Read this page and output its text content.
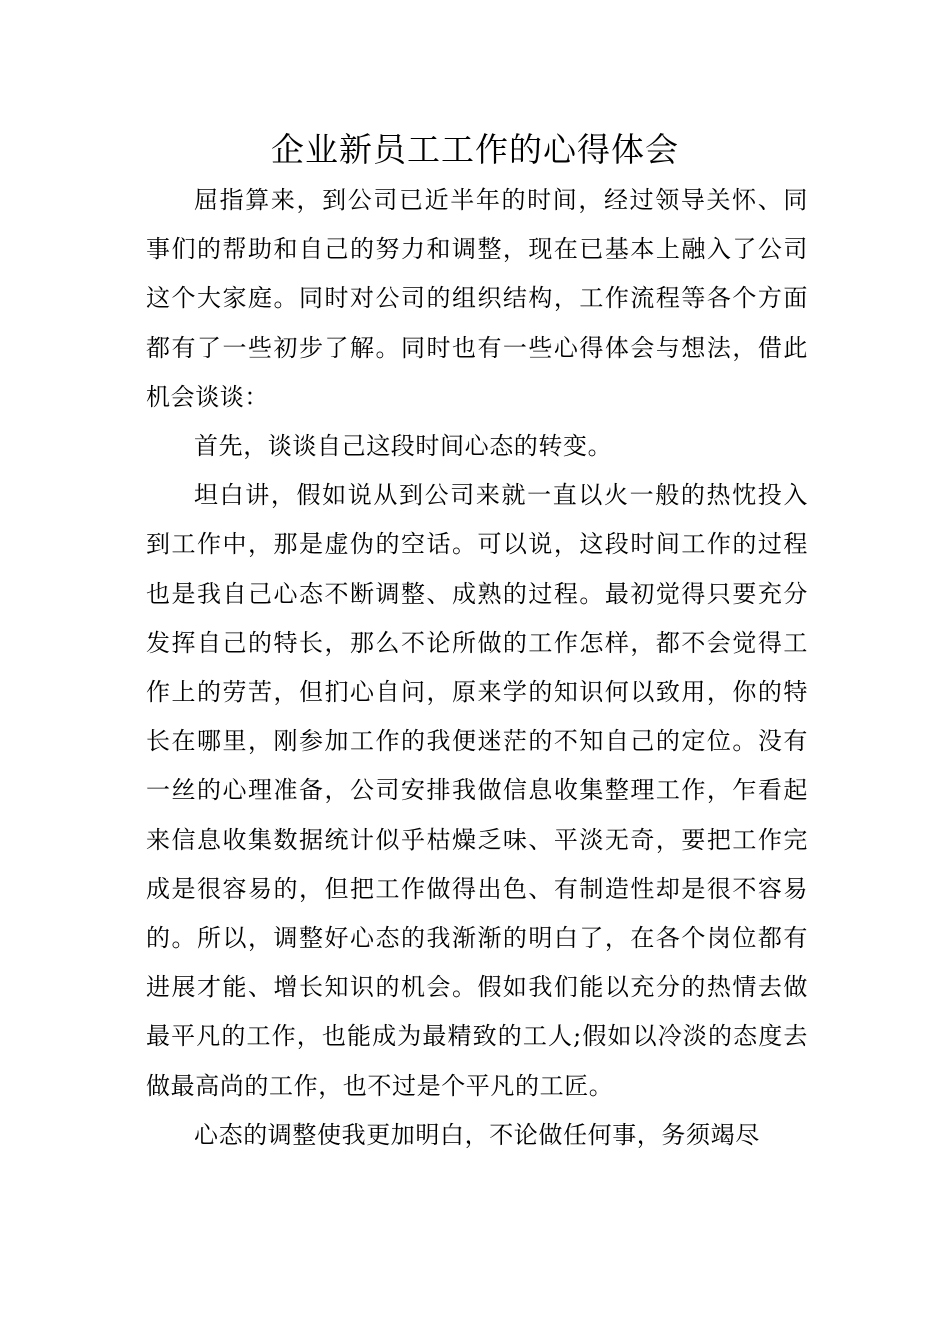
企业新员工工作的心得体会

屈指算来，到公司已近半年的时间，经过领导关怀、同事们的帮助和自己的努力和调整，现在已基本上融入了公司这个大家庭。同时对公司的组织结构，工作流程等各个方面都有了一些初步了解。同时也有一些心得体会与想法，借此机会谈谈：

首先，谈谈自己这段时间心态的转变。

坦白讲，假如说从到公司来就一直以火一般的热忱投入到工作中，那是虚伪的空话。可以说，这段时间工作的过程也是我自己心态不断调整、成熟的过程。最初觉得只要充分发挥自己的特长，那么不论所做的工作怎样，都不会觉得工作上的劳苦，但扪心自问，原来学的知识何以致用，你的特长在哪里，刚参加工作的我便迷茫的不知自己的定位。没有一丝的心理准备，公司安排我做信息收集整理工作，乍看起来信息收集数据统计似乎枯燥乏味、平淡无奇，要把工作完成是很容易的，但把工作做得出色、有制造性却是很不容易的。所以，调整好心态的我渐渐的明白了，在各个岗位都有进展才能、增长知识的机会。假如我们能以充分的热情去做最平凡的工作，也能成为最精致的工人;假如以冷淡的态度去做最高尚的工作，也不过是个平凡的工匠。

心态的调整使我更加明白，不论做任何事，务须竭尽
